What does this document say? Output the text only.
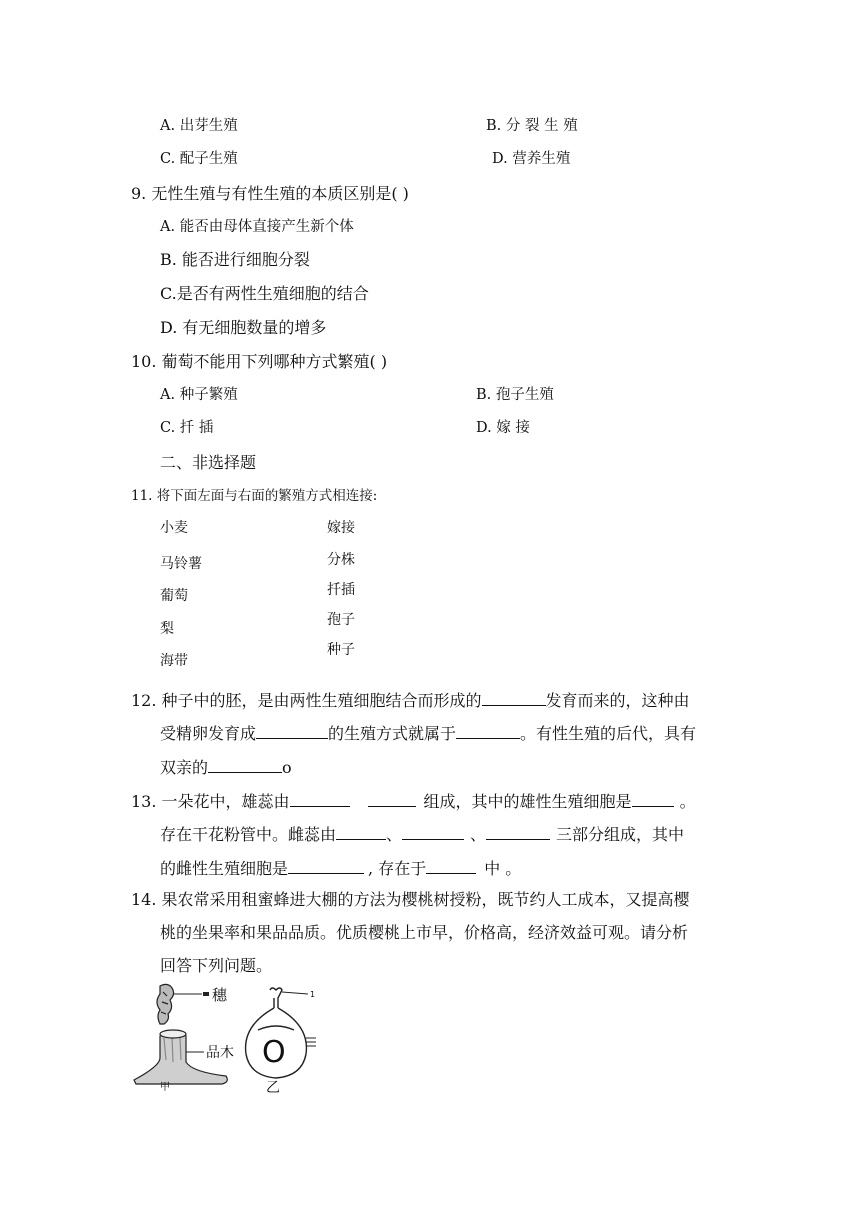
A. 出芽生殖	B. 分 裂 生 殖
C. 配子生殖	D. 营养生殖
9. 无性生殖与有性生殖的本质区别是( )
A. 能否由母体直接产生新个体
B. 能否进行细胞分裂
C.是否有两性生殖细胞的结合
D. 有无细胞数量的增多
10. 葡萄不能用下列哪种方式繁殖( )
A. 种子繁殖	B. 孢子生殖
C. 扦 插	D. 嫁 接
二、非选择题
11. 将下面左面与右面的繁殖方式相连接:
小麦
马铃薯
葡萄
梨
海带
嫁接
分株
扦插
孢子
种子
12. 种子中的胚，是由两性生殖细胞结合而形成的	发育而来的，这种由
受精卵发育成	的生殖方式就属于	。有性生殖的后代，具有
双亲的	o
13. 一朵花中，雄蕊由	组成，其中的雄性生殖细胞是	。
存在干花粉管中。雌蕊由	、	、	三部分组成，其中
的雌性生殖细胞是	, 存在于	中 。
14. 果农常采用租蜜蜂进大棚的方法为樱桃树授粉，既节约人工成本，又提高樱
桃的坐果率和果品品质。优质樱桃上市早，价格高，经济效益可观。请分析
回答下列问题。
穗
品木
甲
1
O
乙
